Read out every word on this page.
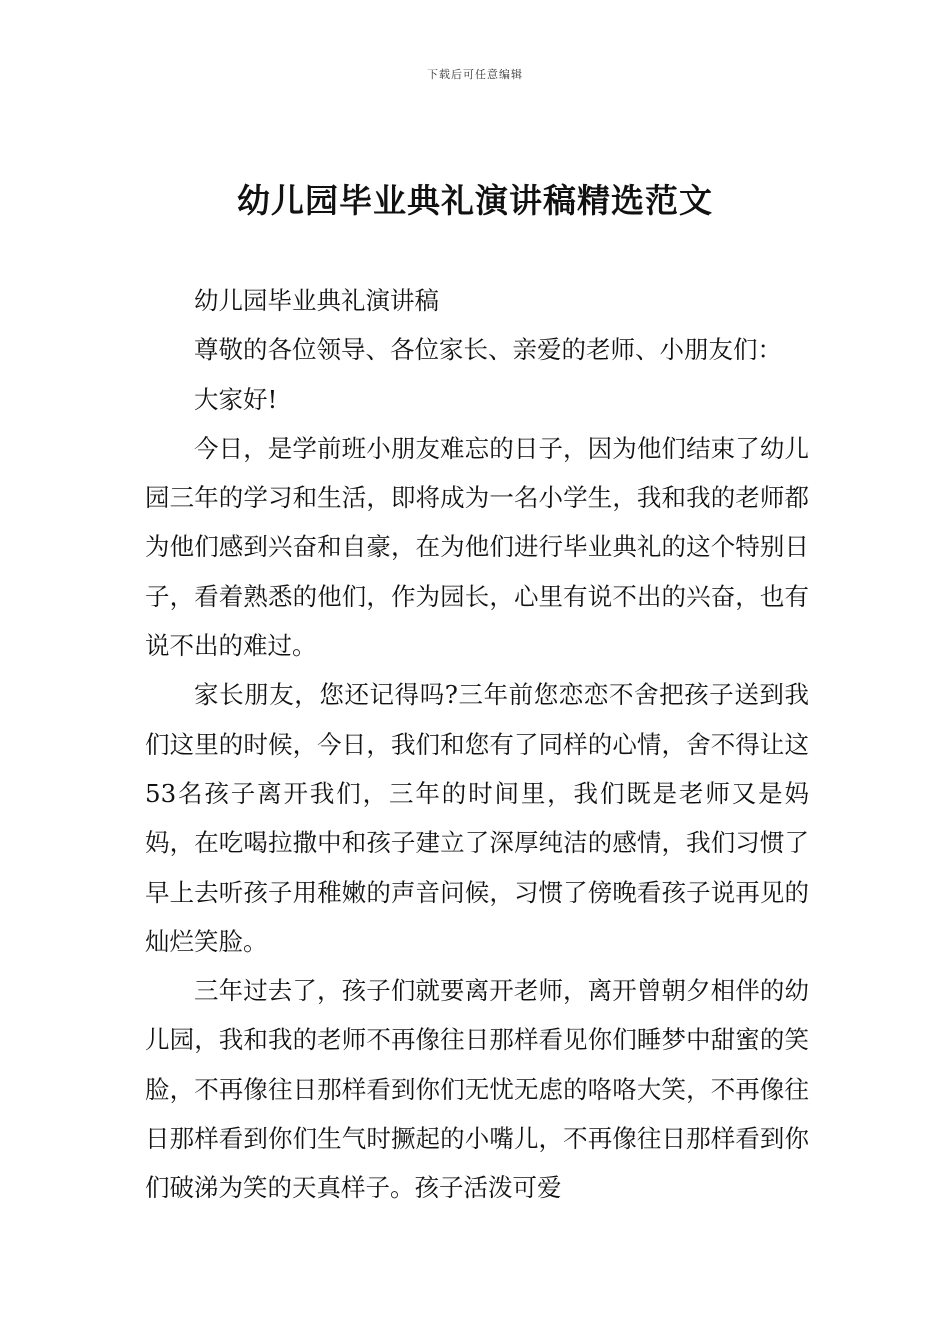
下载后可任意编辑
幼儿园毕业典礼演讲稿精选范文

幼儿园毕业典礼演讲稿

尊敬的各位领导、各位家长、亲爱的老师、小朋友们：

大家好!

今日，是学前班小朋友难忘的日子，因为他们结束了幼儿园三年的学习和生活，即将成为一名小学生，我和我的老师都为他们感到兴奋和自豪，在为他们进行毕业典礼的这个特别日子，看着熟悉的他们，作为园长，心里有说不出的兴奋，也有说不出的难过。

家长朋友，您还记得吗?三年前您恋恋不舍把孩子送到我们这里的时候，今日，我们和您有了同样的心情，舍不得让这53名孩子离开我们，三年的时间里，我们既是老师又是妈妈，在吃喝拉撒中和孩子建立了深厚纯洁的感情，我们习惯了早上去听孩子用稚嫩的声音问候，习惯了傍晚看孩子说再见的灿烂笑脸。

三年过去了，孩子们就要离开老师，离开曾朝夕相伴的幼儿园，我和我的老师不再像往日那样看见你们睡梦中甜蜜的笑脸，不再像往日那样看到你们无忧无虑的咯咯大笑，不再像往日那样看到你们生气时撅起的小嘴儿，不再像往日那样看到你们破涕为笑的天真样子。孩子活泼可爱
